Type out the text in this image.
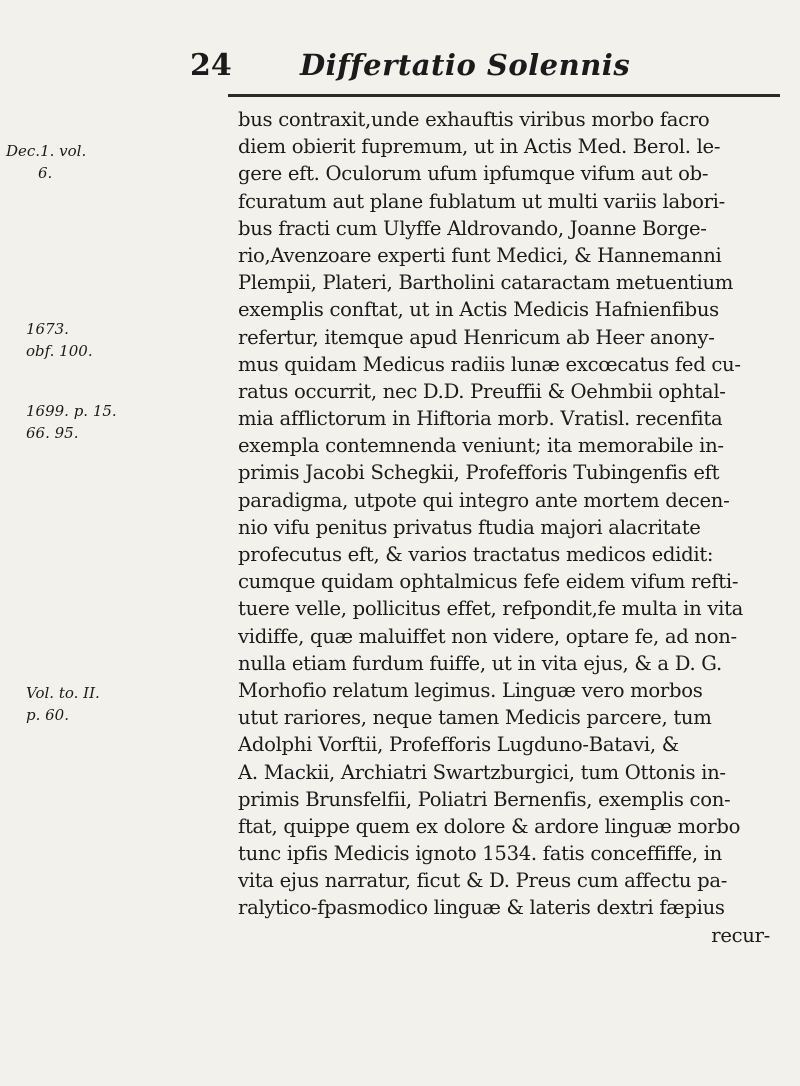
24 Differtatio Solennis
Dec.1. vol.
6.
1673.
obf. 100.
1699. p. 15.
66. 95.
Vol. to. II.
p. 60.
bus contraxit,unde exhauftis viribus morbo facro
diem obierit fupremum, ut in Actis Med. Berol. le-
gere eft. Oculorum ufum ipfumque vifum aut ob-
fcuratum aut plane fublatum ut multi variis labori-
bus fracti cum Ulyffe Aldrovando, Joanne Borge-
rio,Avenzoare experti funt Medici, & Hannemanni
Plempii, Plateri, Bartholini cataractam metuentium
exemplis conftat, ut in Actis Medicis Hafnienfibus
refertur, itemque apud Henricum ab Heer anony-
mus quidam Medicus radiis lunæ excœcatus fed cu-
ratus occurrit, nec D.D. Preuffii & Oehmbii ophtal-
mia afflictorum in Hiftoria morb. Vratisl. recenfita
exempla contemnenda veniunt; ita memorabile in-
primis Jacobi Schegkii, Profefforis Tubingenfis eft
paradigma, utpote qui integro ante mortem decen-
nio vifu penitus privatus ftudia majori alacritate
profecutus eft, & varios tractatus medicos edidit:
cumque quidam ophtalmicus fefe eidem vifum refti-
tuere velle, pollicitus effet, refpondit,fe multa in vita
vidiffe, quæ maluiffet non videre, optare fe, ad non-
nulla etiam furdum fuiffe, ut in vita ejus, & a D. G.
Morhofio relatum legimus. Linguæ vero morbos
utut rariores, neque tamen Medicis parcere, tum
Adolphi Vorftii, Profefforis Lugduno-Batavi, &
A. Mackii, Archiatri Swartzburgici, tum Ottonis in-
primis Brunsfelfii, Poliatri Bernenfis, exemplis con-
ftat, quippe quem ex dolore & ardore linguæ morbo
tunc ipfis Medicis ignoto 1534. fatis conceffiffe, in
vita ejus narratur, ficut & D. Preus cum affectu pa-
ralytico-fpasmodico linguæ & lateris dextri fæpius
recur-
